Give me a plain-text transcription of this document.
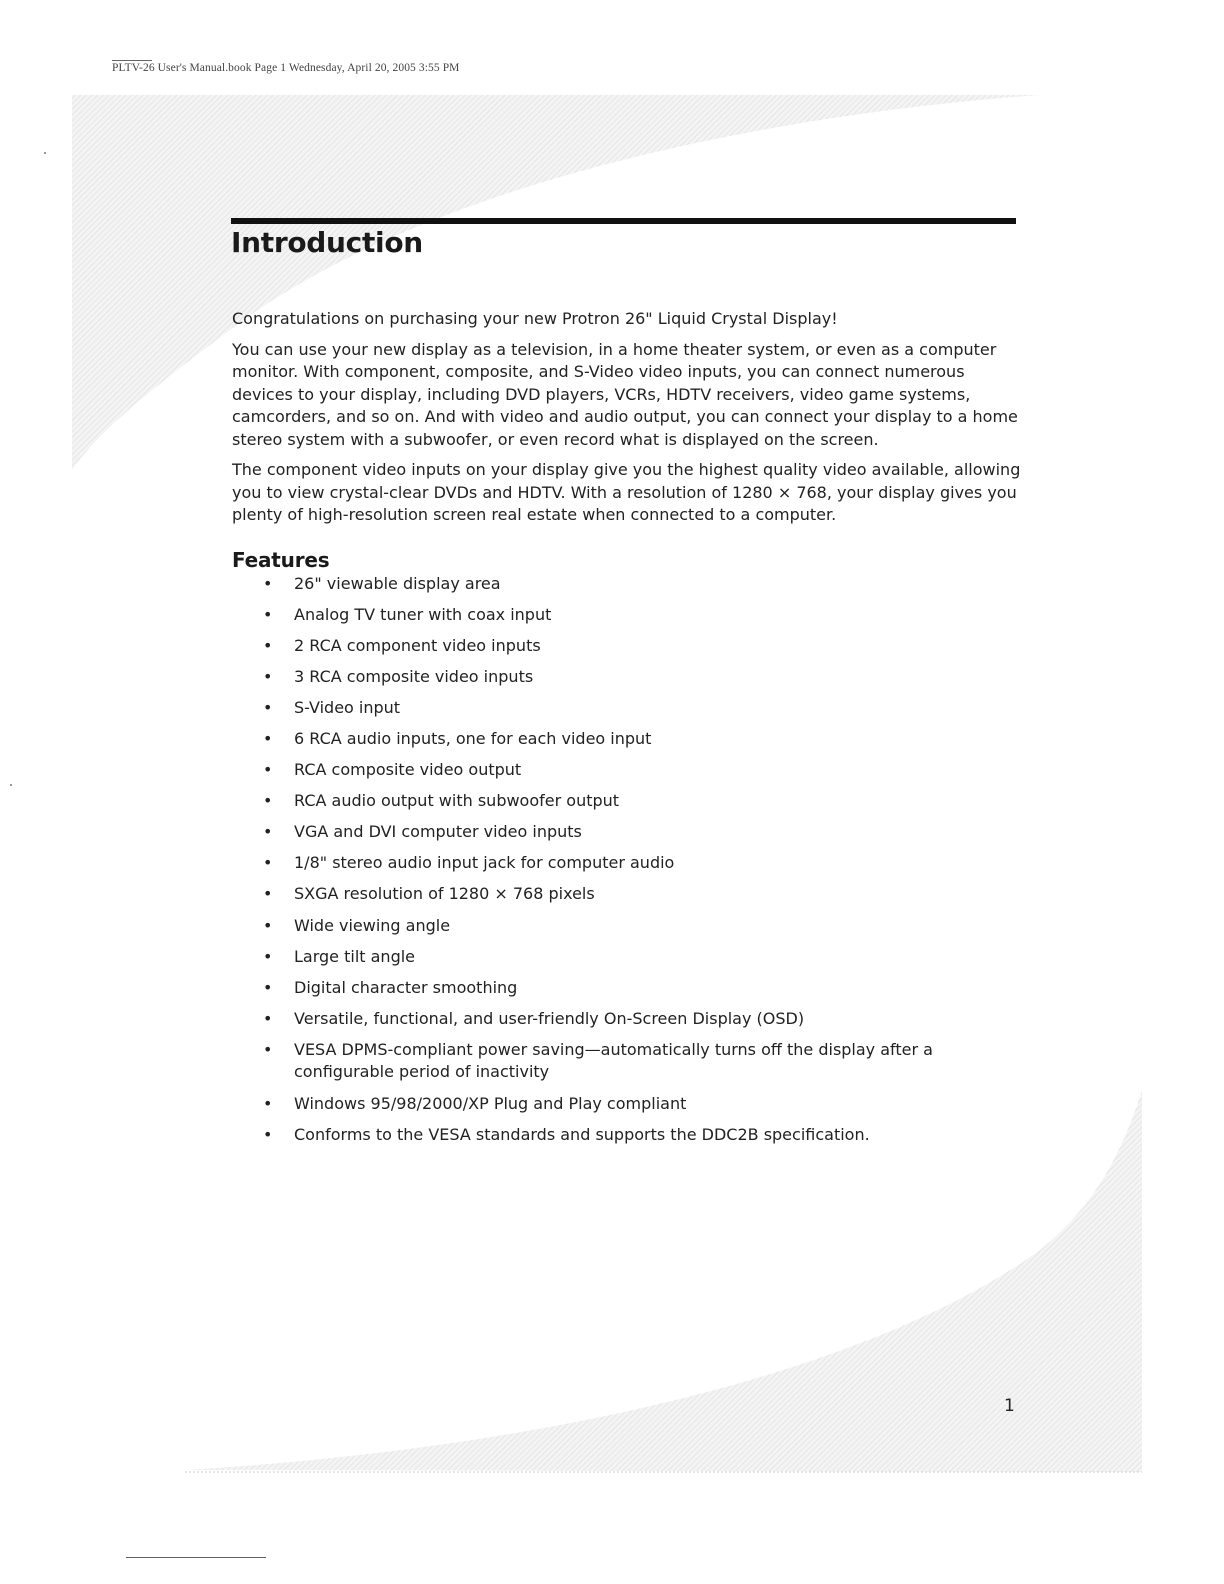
PLTV-26 User's Manual.book Page 1 Wednesday, April 20, 2005 3:55 PM
Introduction

Congratulations on purchasing your new Protron 26" Liquid Crystal Display!

You can use your new display as a television, in a home theater system, or even as a computer monitor. With component, composite, and S-Video video inputs, you can connect numerous devices to your display, including DVD players, VCRs, HDTV receivers, video game systems, camcorders, and so on. And with video and audio output, you can connect your display to a home stereo system with a subwoofer, or even record what is displayed on the screen.

The component video inputs on your display give you the highest quality video available, allowing you to view crystal-clear DVDs and HDTV. With a resolution of 1280 × 768, your display gives you plenty of high-resolution screen real estate when connected to a computer.

Features
• 26" viewable display area
• Analog TV tuner with coax input
• 2 RCA component video inputs
• 3 RCA composite video inputs
• S-Video input
• 6 RCA audio inputs, one for each video input
• RCA composite video output
• RCA audio output with subwoofer output
• VGA and DVI computer video inputs
• 1/8" stereo audio input jack for computer audio
• SXGA resolution of 1280 × 768 pixels
• Wide viewing angle
• Large tilt angle
• Digital character smoothing
• Versatile, functional, and user-friendly On-Screen Display (OSD)
• VESA DPMS-compliant power saving—automatically turns off the display after a configurable period of inactivity
• Windows 95/98/2000/XP Plug and Play compliant
• Conforms to the VESA standards and supports the DDC2B specification.
1
